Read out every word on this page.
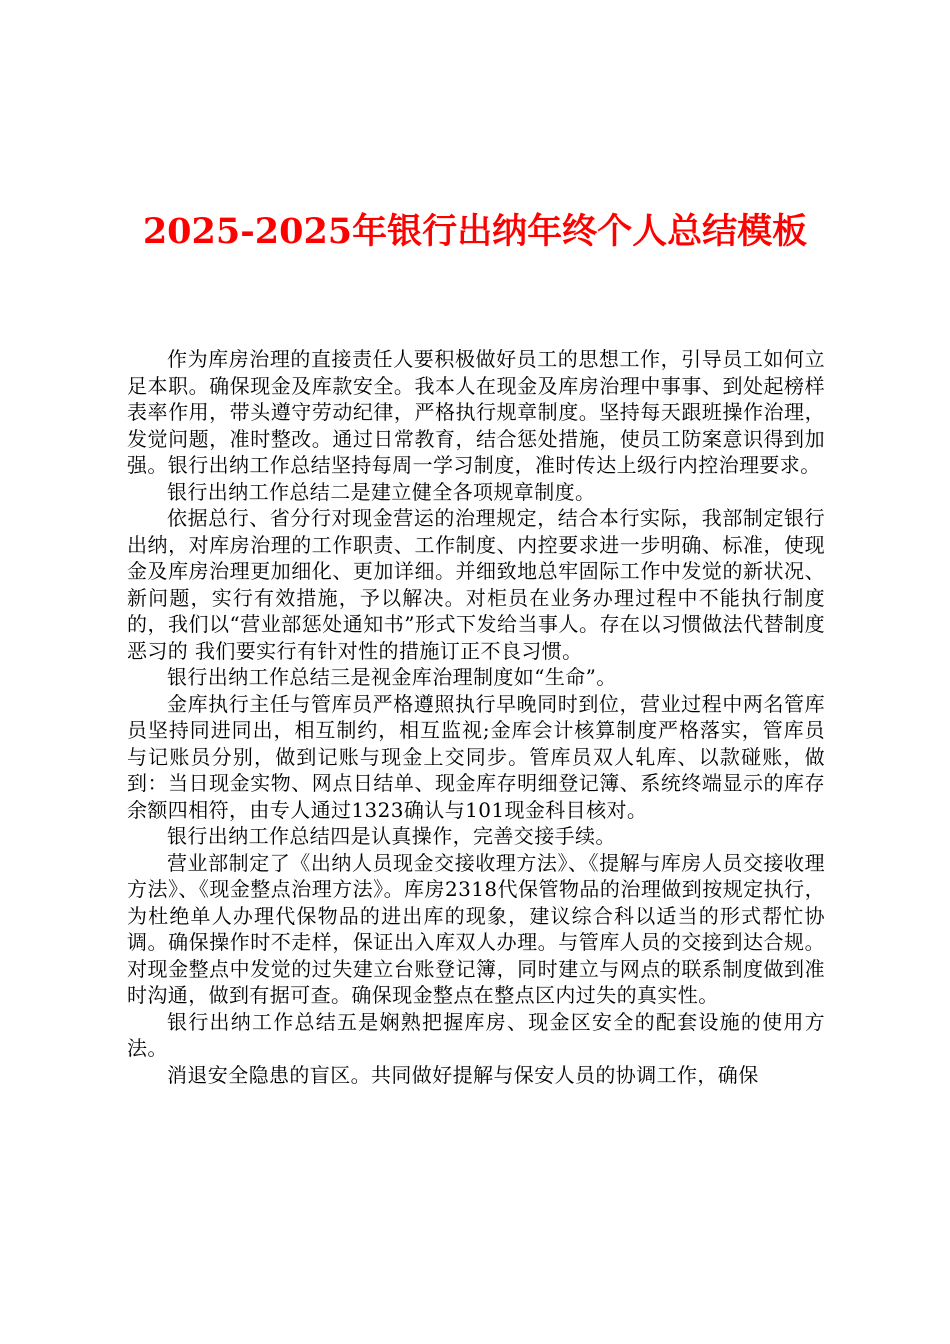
2025-2025年银行出纳年终个人总结模板

作为库房治理的直接责任人要积极做好员工的思想工作，引导员工如何立足本职。确保现金及库款安全。我本人在现金及库房治理中事事、到处起榜样表率作用，带头遵守劳动纪律，严格执行规章制度。坚持每天跟班操作治理，发觉问题，准时整改。通过日常教育，结合惩处措施，使员工防案意识得到加强。银行出纳工作总结坚持每周一学习制度，准时传达上级行内控治理要求。

银行出纳工作总结二是建立健全各项规章制度。

依据总行、省分行对现金营运的治理规定，结合本行实际，我部制定银行出纳，对库房治理的工作职责、工作制度、内控要求进一步明确、标准，使现金及库房治理更加细化、更加详细。并细致地总牢固际工作中发觉的新状况、新问题，实行有效措施，予以解决。对柜员在业务办理过程中不能执行制度的，我们以“营业部惩处通知书”形式下发给当事人。存在以习惯做法代替制度恶习的 我们要实行有针对性的措施订正不良习惯。

银行出纳工作总结三是视金库治理制度如“生命”。

金库执行主任与管库员严格遵照执行早晚同时到位，营业过程中两名管库员坚持同进同出，相互制约，相互监视;金库会计核算制度严格落实，管库员与记账员分别，做到记账与现金上交同步。管库员双人轧库、以款碰账，做到：当日现金实物、网点日结单、现金库存明细登记簿、系统终端显示的库存余额四相符，由专人通过1323确认与101现金科目核对。

银行出纳工作总结四是认真操作，完善交接手续。

营业部制定了《出纳人员现金交接收理方法》、《提解与库房人员交接收理方法》、《现金整点治理方法》。库房2318代保管物品的治理做到按规定执行，为杜绝单人办理代保物品的进出库的现象，建议综合科以适当的形式帮忙协调。确保操作时不走样，保证出入库双人办理。与管库人员的交接到达合规。对现金整点中发觉的过失建立台账登记簿，同时建立与网点的联系制度做到准时沟通，做到有据可查。确保现金整点在整点区内过失的真实性。

银行出纳工作总结五是娴熟把握库房、现金区安全的配套设施的使用方法。

消退安全隐患的盲区。共同做好提解与保安人员的协调工作，确保
